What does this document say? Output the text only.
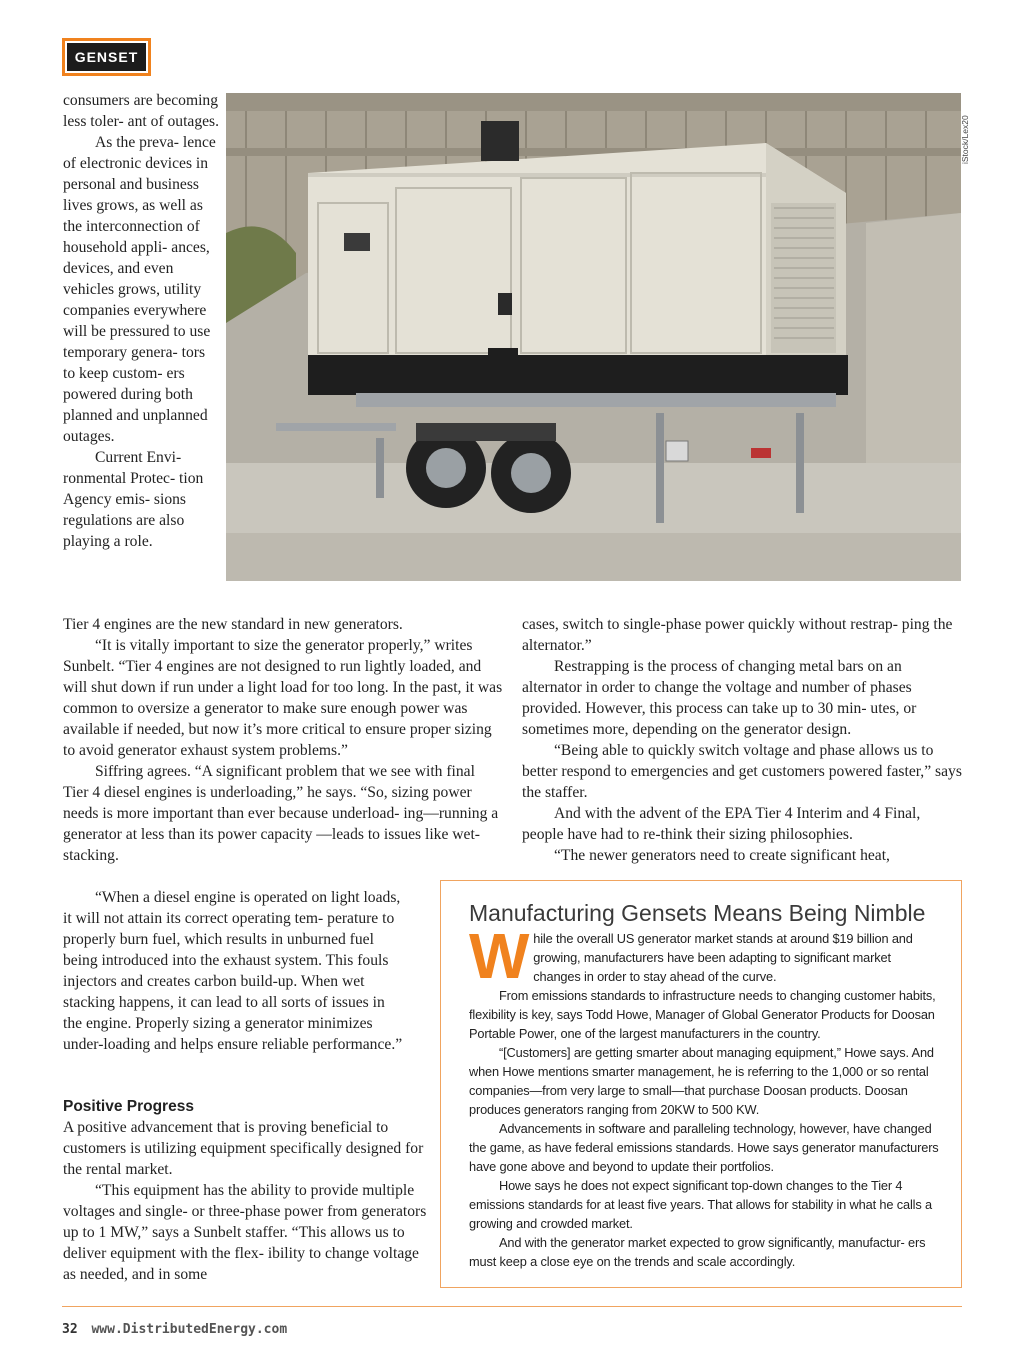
GENSET
iStock/Lex20

consumers are becoming less toler- ant of outages.

As the preva- lence of electronic devices in personal and business lives grows, as well as the interconnection of household appli- ances, devices, and even vehicles grows, utility companies everywhere will be pressured to use temporary genera- tors to keep custom- ers powered during both planned and unplanned outages.

Current Envi- ronmental Protec- tion Agency emis- sions regulations are also playing a role.

Tier 4 engines are the new standard in new generators.

“It is vitally important to size the generator properly,” writes Sunbelt. “Tier 4 engines are not designed to run lightly loaded, and will shut down if run under a light load for too long. In the past, it was common to oversize a generator to make sure enough power was available if needed, but now it’s more critical to ensure proper sizing to avoid generator exhaust system problems.”

Siffring agrees. “A significant problem that we see with final Tier 4 diesel engines is underloading,” he says. “So, sizing power needs is more important than ever because underload- ing—running a generator at less than its power capacity —leads to issues like wet-stacking.

“When a diesel engine is operated on light loads, it will not attain its correct operating tem- perature to properly burn fuel, which results in unburned fuel being introduced into the exhaust system. This fouls injectors and creates carbon build-up. When wet stacking happens, it can lead to all sorts of issues in the engine. Properly sizing a generator minimizes under-loading and helps ensure reliable performance.”

Positive Progress

A positive advancement that is proving beneficial to customers is utilizing equipment specifically designed for the rental market.

“This equipment has the ability to provide multiple voltages and single- or three-phase power from generators up to 1 MW,” says a Sunbelt staffer. “This allows us to deliver equipment with the flex- ibility to change voltage as needed, and in some

cases, switch to single-phase power quickly without restrap- ping the alternator.”

Restrapping is the process of changing metal bars on an alternator in order to change the voltage and number of phases provided. However, this process can take up to 30 min- utes, or sometimes more, depending on the generator design.

“Being able to quickly switch voltage and phase allows us to better respond to emergencies and get customers powered faster,” says the staffer.

And with the advent of the EPA Tier 4 Interim and 4 Final, people have had to re-think their sizing philosophies.

“The newer generators need to create significant heat,

Manufacturing Gensets Means Being Nimble

W hile the overall US generator market stands at around $19 billion and growing, manufacturers have been adapting to significant market changes in order to stay ahead of the curve.

From emissions standards to infrastructure needs to changing customer habits, flexibility is key, says Todd Howe, Manager of Global Generator Products for Doosan Portable Power, one of the largest manufacturers in the country.

“[Customers] are getting smarter about managing equipment,” Howe says. And when Howe mentions smarter management, he is referring to the 1,000 or so rental companies—from very large to small—that purchase Doosan products. Doosan produces generators ranging from 20KW to 500 KW.

Advancements in software and paralleling technology, however, have changed the game, as have federal emissions standards. Howe says generator manufacturers have gone above and beyond to update their portfolios.

Howe says he does not expect significant top-down changes to the Tier 4 emissions standards for at least five years. That allows for stability in what he calls a growing and crowded market.

And with the generator market expected to grow significantly, manufactur- ers must keep a close eye on the trends and scale accordingly.

32 www.DistributedEnergy.com
